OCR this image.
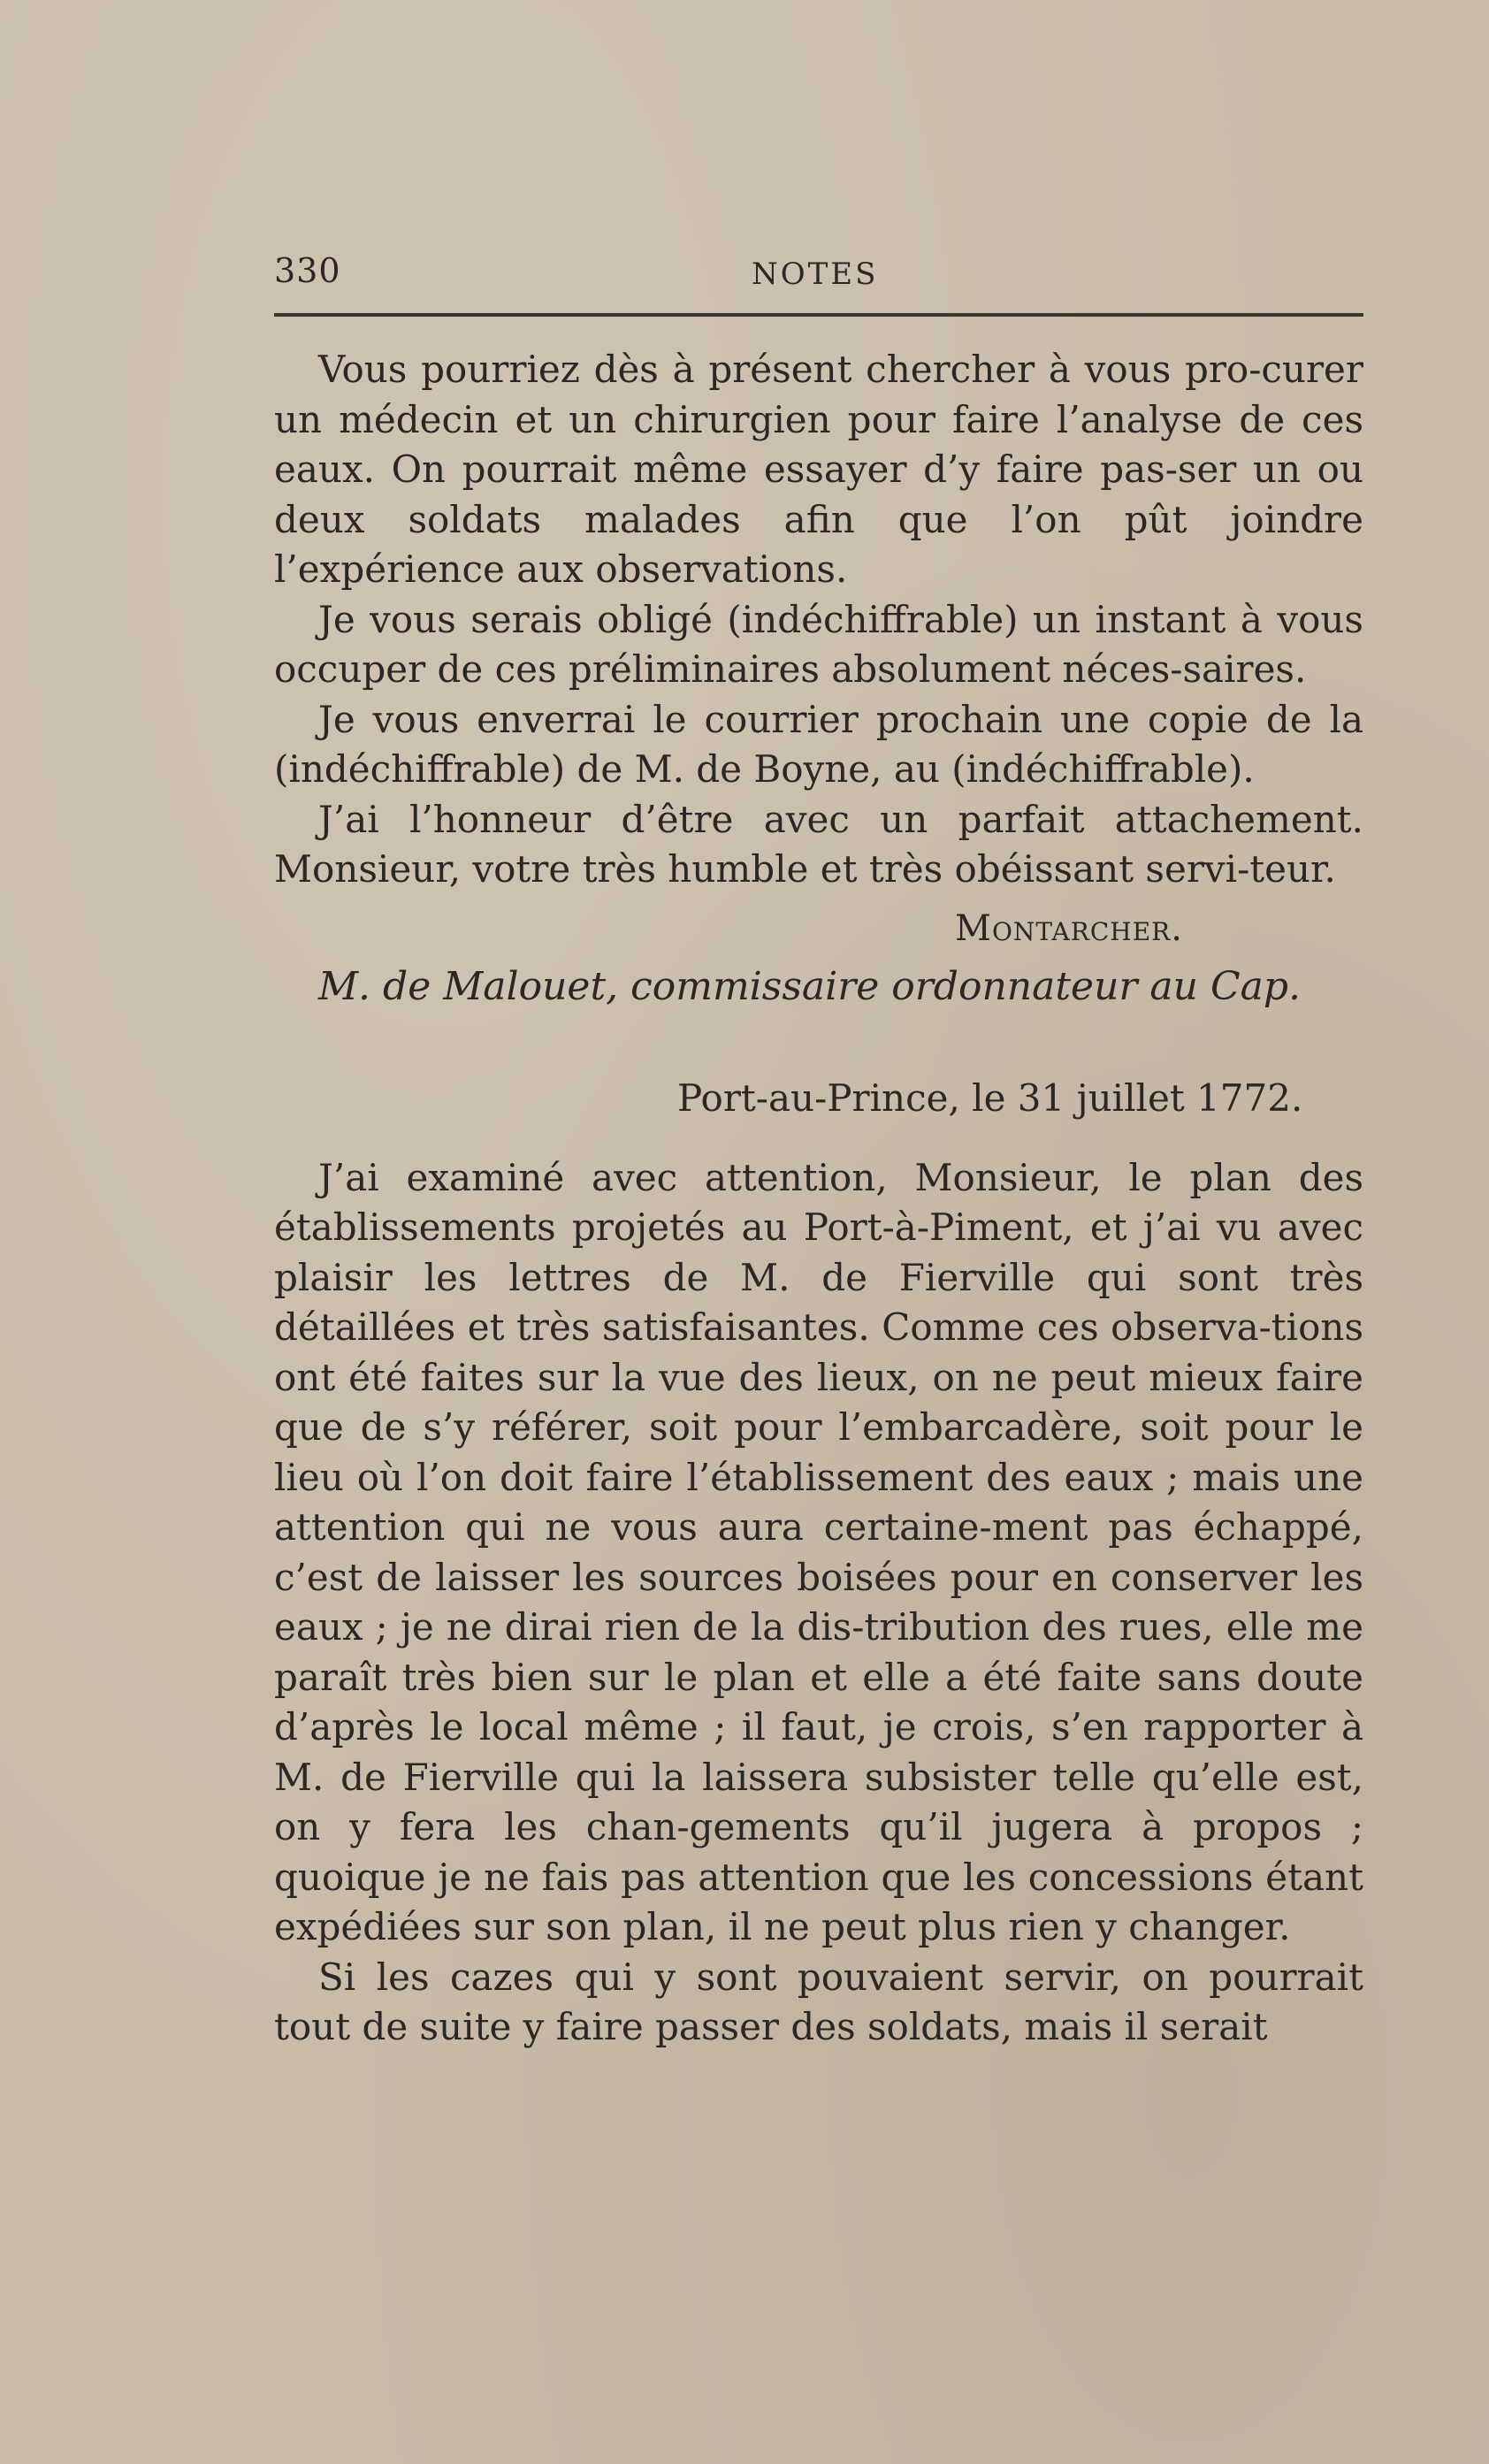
330	NOTES

Vous pourriez dès à présent chercher à vous pro-curer un médecin et un chirurgien pour faire l’analyse de ces eaux. On pourrait même essayer d’y faire pas-ser un ou deux soldats malades afin que l’on pût joindre l’expérience aux observations.

Je vous serais obligé (indéchiffrable) un instant à vous occuper de ces préliminaires absolument néces-saires.

Je vous enverrai le courrier prochain une copie de la (indéchiffrable) de M. de Boyne, au (indéchiffrable).

J’ai l’honneur d’être avec un parfait attachement. Monsieur, votre très humble et très obéissant servi-teur.

Montarcher.

M. de Malouet, commissaire ordonnateur au Cap.

Port-au-Prince, le 31 juillet 1772.

J’ai examiné avec attention, Monsieur, le plan des établissements projetés au Port-à-Piment, et j’ai vu avec plaisir les lettres de M. de Fierville qui sont très détaillées et très satisfaisantes. Comme ces observa-tions ont été faites sur la vue des lieux, on ne peut mieux faire que de s’y référer, soit pour l’embarcadère, soit pour le lieu où l’on doit faire l’établissement des eaux ; mais une attention qui ne vous aura certaine-ment pas échappé, c’est de laisser les sources boisées pour en conserver les eaux ; je ne dirai rien de la dis-tribution des rues, elle me paraît très bien sur le plan et elle a été faite sans doute d’après le local même ; il faut, je crois, s’en rapporter à M. de Fierville qui la laissera subsister telle qu’elle est, on y fera les chan-gements qu’il jugera à propos ; quoique je ne fais pas attention que les concessions étant expédiées sur son plan, il ne peut plus rien y changer.

Si les cazes qui y sont pouvaient servir, on pourrait tout de suite y faire passer des soldats, mais il serait
